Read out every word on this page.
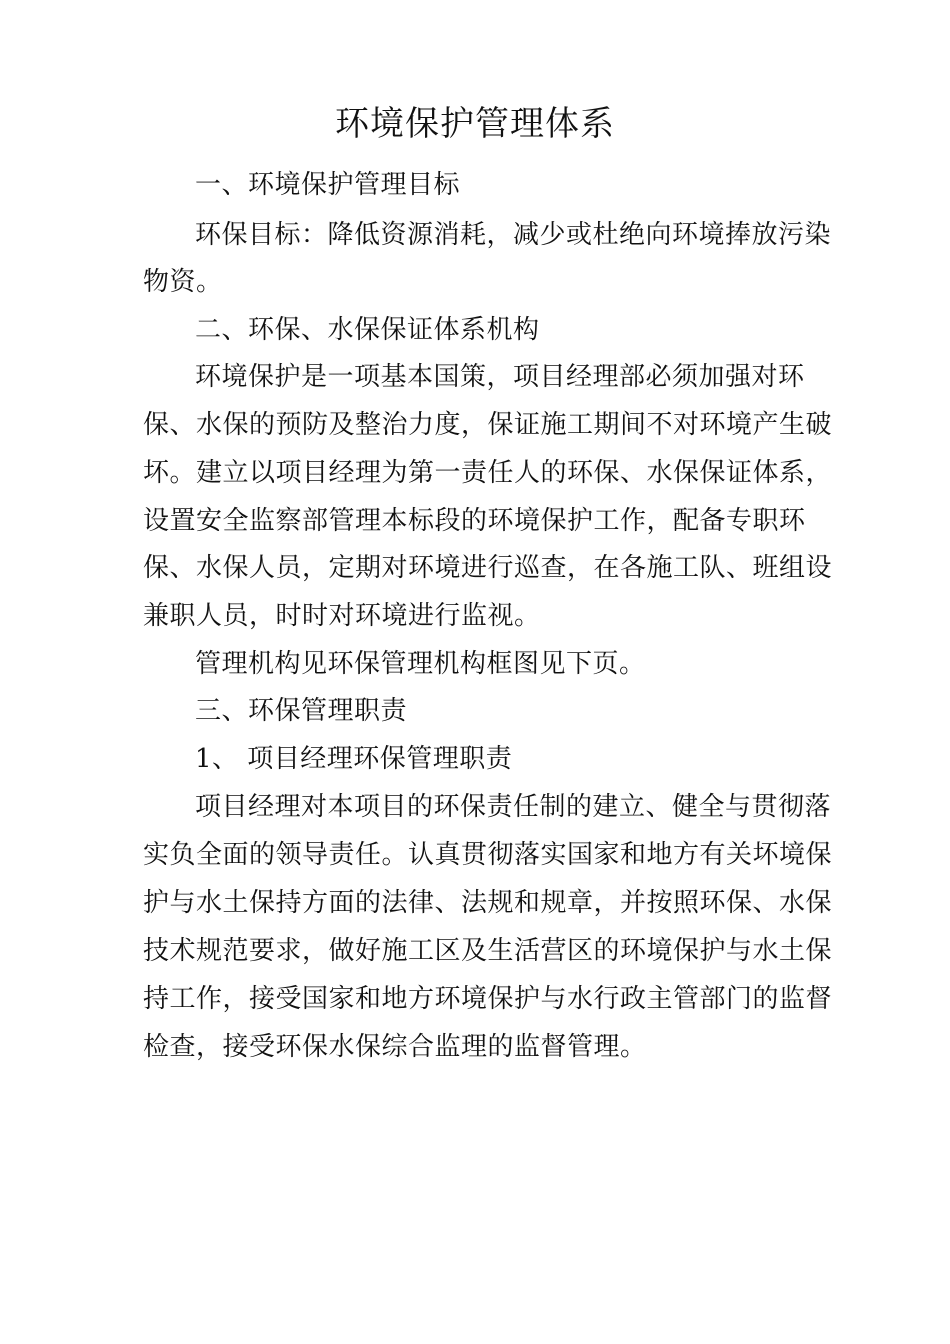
环境保护管理体系
一、环境保护管理目标
环保目标：降低资源消耗，减少或杜绝向环境捧放污染
物资。
二、环保、水保保证体系机构
环境保护是一项基本国策，项目经理部必须加强对环
保、水保的预防及整治力度，保证施工期间不对环境产生破
坏。建立以项目经理为第一责任人的环保、水保保证体系，
设置安全监察部管理本标段的环境保护工作，配备专职环
保、水保人员，定期对环境进行巡查，在各施工队、班组设
兼职人员，时时对环境进行监视。
管理机构见环保管理机构框图见下页。
三、环保管理职责
1、 项目经理环保管理职责
项目经理对本项目的环保责任制的建立、健全与贯彻落
实负全面的领导责任。认真贯彻落实国家和地方有关坏境保
护与水土保持方面的法律、法规和规章，并按照环保、水保
技术规范要求，做好施工区及生活营区的环境保护与水土保
持工作，接受国家和地方环境保护与水行政主管部门的监督
检查，接受环保水保综合监理的监督管理。
